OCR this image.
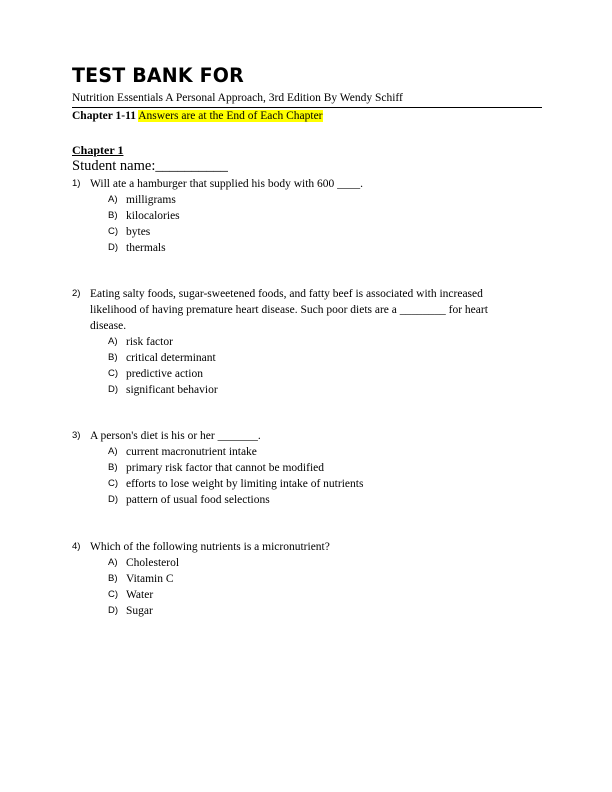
TEST BANK FOR
Nutrition Essentials A Personal Approach, 3rd Edition By Wendy Schiff
Chapter 1-11 Answers are at the End of Each Chapter
Chapter 1
Student name:__________
1) Will ate a hamburger that supplied his body with 600 ____.
A) milligrams
B) kilocalories
C) bytes
D) thermals
2) Eating salty foods, sugar-sweetened foods, and fatty beef is associated with increased likelihood of having premature heart disease. Such poor diets are a ________ for heart disease.
A) risk factor
B) critical determinant
C) predictive action
D) significant behavior
3) A person's diet is his or her _______.
A) current macronutrient intake
B) primary risk factor that cannot be modified
C) efforts to lose weight by limiting intake of nutrients
D) pattern of usual food selections
4) Which of the following nutrients is a micronutrient?
A) Cholesterol
B) Vitamin C
C) Water
D) Sugar
